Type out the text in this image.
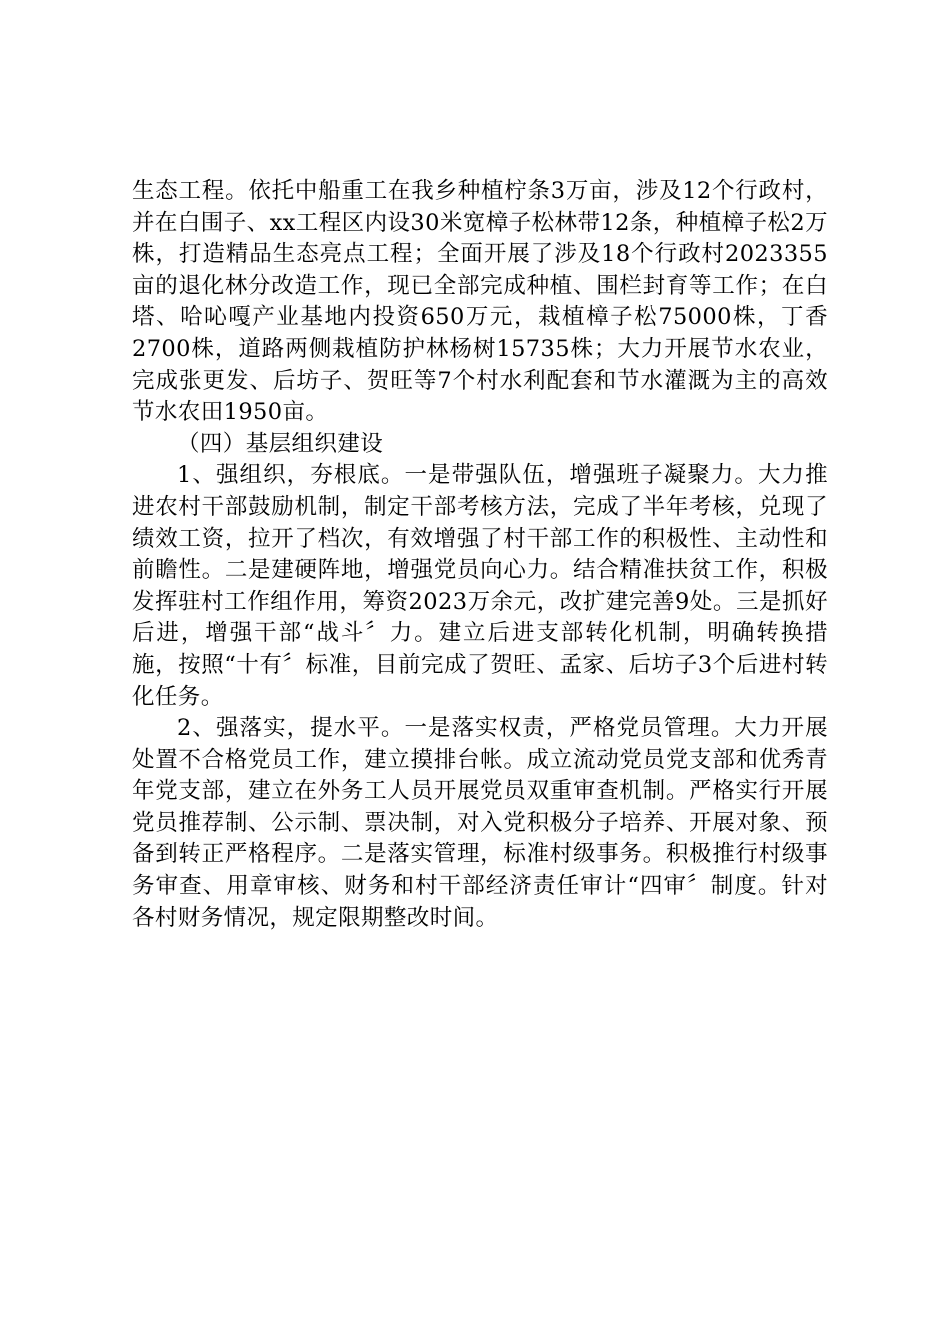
生态工程。依托中船重工在我乡种植柠条3万亩，涉及12个行政村，并在白围子、xx工程区内设30米宽樟子松林带12条，种植樟子松2万株，打造精品生态亮点工程；全面开展了涉及18个行政村2023355亩的退化林分改造工作，现已全部完成种植、围栏封育等工作；在白塔、哈吣嘎产业基地内投资650万元，栽植樟子松75000株，丁香2700株，道路两侧栽植防护林杨树15735株；大力开展节水农业，完成张更发、后坊子、贺旺等7个村水利配套和节水灌溉为主的高效节水农田1950亩。

（四）基层组织建设

1、强组织，夯根底。一是带强队伍，增强班子凝聚力。大力推进农村干部鼓励机制，制定干部考核方法，完成了半年考核，兑现了绩效工资，拉开了档次，有效增强了村干部工作的积极性、主动性和前瞻性。二是建硬阵地，增强党员向心力。结合精准扶贫工作，积极发挥驻村工作组作用，筹资2023万余元，改扩建完善9处。三是抓好后进，增强干部“战斗〞力。建立后进支部转化机制，明确转换措施，按照“十有〞标准，目前完成了贺旺、孟家、后坊子3个后进村转化任务。

2、强落实，提水平。一是落实权责，严格党员管理。大力开展处置不合格党员工作，建立摸排台帐。成立流动党员党支部和优秀青年党支部，建立在外务工人员开展党员双重审查机制。严格实行开展党员推荐制、公示制、票决制，对入党积极分子培养、开展对象、预备到转正严格程序。二是落实管理，标准村级事务。积极推行村级事务审查、用章审核、财务和村干部经济责任审计“四审〞制度。针对各村财务情况，规定限期整改时间。
